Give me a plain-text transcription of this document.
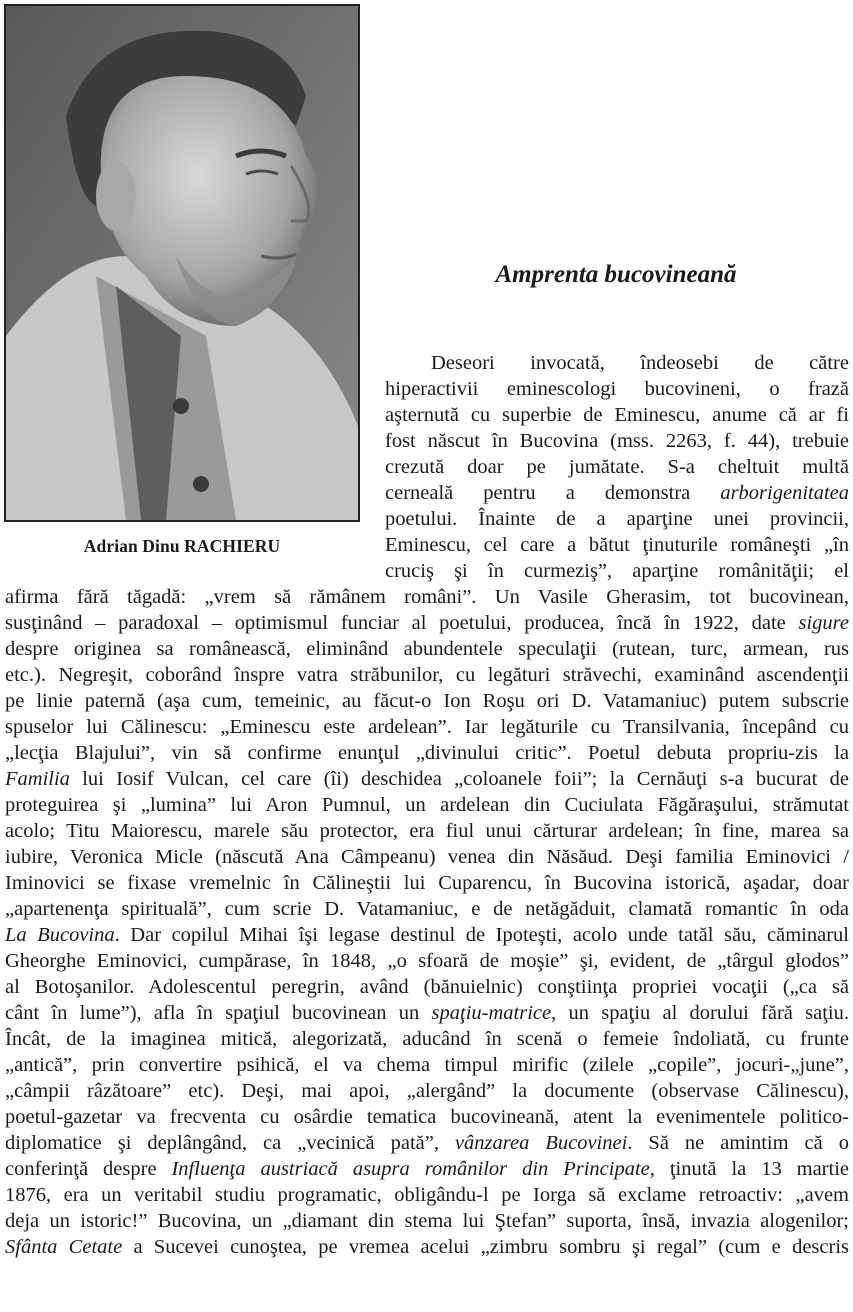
Adrian Dinu RACHIERU
Amprenta bucovineană
Deseori invocată, îndeosebi de către
hiperactivii eminescologi bucovineni, o frază
aşternută cu superbie de Eminescu, anume că ar fi
fost născut în Bucovina (mss. 2263, f. 44), trebuie
crezută doar pe jumătate. S-a cheltuit multă
cerneală pentru a demonstra arborigenitatea
poetului. Înainte de a aparţine unei provincii,
Eminescu, cel care a bătut ţinuturile româneşti „în
cruciş şi în curmeziş”, aparţine românităţii; el
afirma fără tăgadă: „vrem să rămânem români”. Un Vasile Gherasim, tot bucovinean,
susţinând – paradoxal – optimismul funciar al poetului, producea, încă în 1922, date sigure
despre originea sa românească, eliminând abundentele speculaţii (rutean, turc, armean, rus
etc.). Negreşit, coborând înspre vatra străbunilor, cu legături străvechi, examinând ascendenţii
pe linie paternă (aşa cum, temeinic, au făcut-o Ion Roşu ori D. Vatamaniuc) putem subscrie
spuselor lui Călinescu: „Eminescu este ardelean”. Iar legăturile cu Transilvania, începând cu
„lecţia Blajului”, vin să confirme enunţul „divinului critic”. Poetul debuta propriu-zis la
Familia lui Iosif Vulcan, cel care (îi) deschidea „coloanele foii”; la Cernăuţi s-a bucurat de
proteguirea şi „lumina” lui Aron Pumnul, un ardelean din Cuciulata Făgăraşului, strămutat
acolo; Titu Maiorescu, marele său protector, era fiul unui cărturar ardelean; în fine, marea sa
iubire, Veronica Micle (născută Ana Câmpeanu) venea din Năsăud. Deşi familia Eminovici /
Iminovici se fixase vremelnic în Călineştii lui Cuparencu, în Bucovina istorică, aşadar, doar
„apartenenţa spirituală”, cum scrie D. Vatamaniuc, e de netăgăduit, clamată romantic în oda
La Bucovina. Dar copilul Mihai îşi legase destinul de Ipoteşti, acolo unde tatăl său, căminarul
Gheorghe Eminovici, cumpărase, în 1848, „o sfoară de moşie” şi, evident, de „târgul glodos”
al Botoşanilor. Adolescentul peregrin, având (bănuielnic) conştiinţa propriei vocaţii („ca să
cânt în lume”), afla în spaţiul bucovinean un spaţiu-matrice, un spaţiu al dorului fără saţiu.
Încât, de la imaginea mitică, alegorizată, aducând în scenă o femeie îndoliată, cu frunte
„antică”, prin convertire psihică, el va chema timpul mirific (zilele „copile”, jocuri-„june”,
„câmpii râzătoare” etc). Deşi, mai apoi, „alergând” la documente (observase Călinescu),
poetul-gazetar va frecventa cu osârdie tematica bucovineană, atent la evenimentele politico-
diplomatice şi deplângând, ca „vecinică pată”, vânzarea Bucovinei. Să ne amintim că o
conferinţă despre Influenţa austriacă asupra românilor din Principate, ţinută la 13 martie
1876, era un veritabil studiu programatic, obligându-l pe Iorga să exclame retroactiv: „avem
deja un istoric!” Bucovina, un „diamant din stema lui Ştefan” suporta, însă, invazia alogenilor;
Sfânta Cetate a Sucevei cunoştea, pe vremea acelui „zimbru sombru şi regal” (cum e descris
